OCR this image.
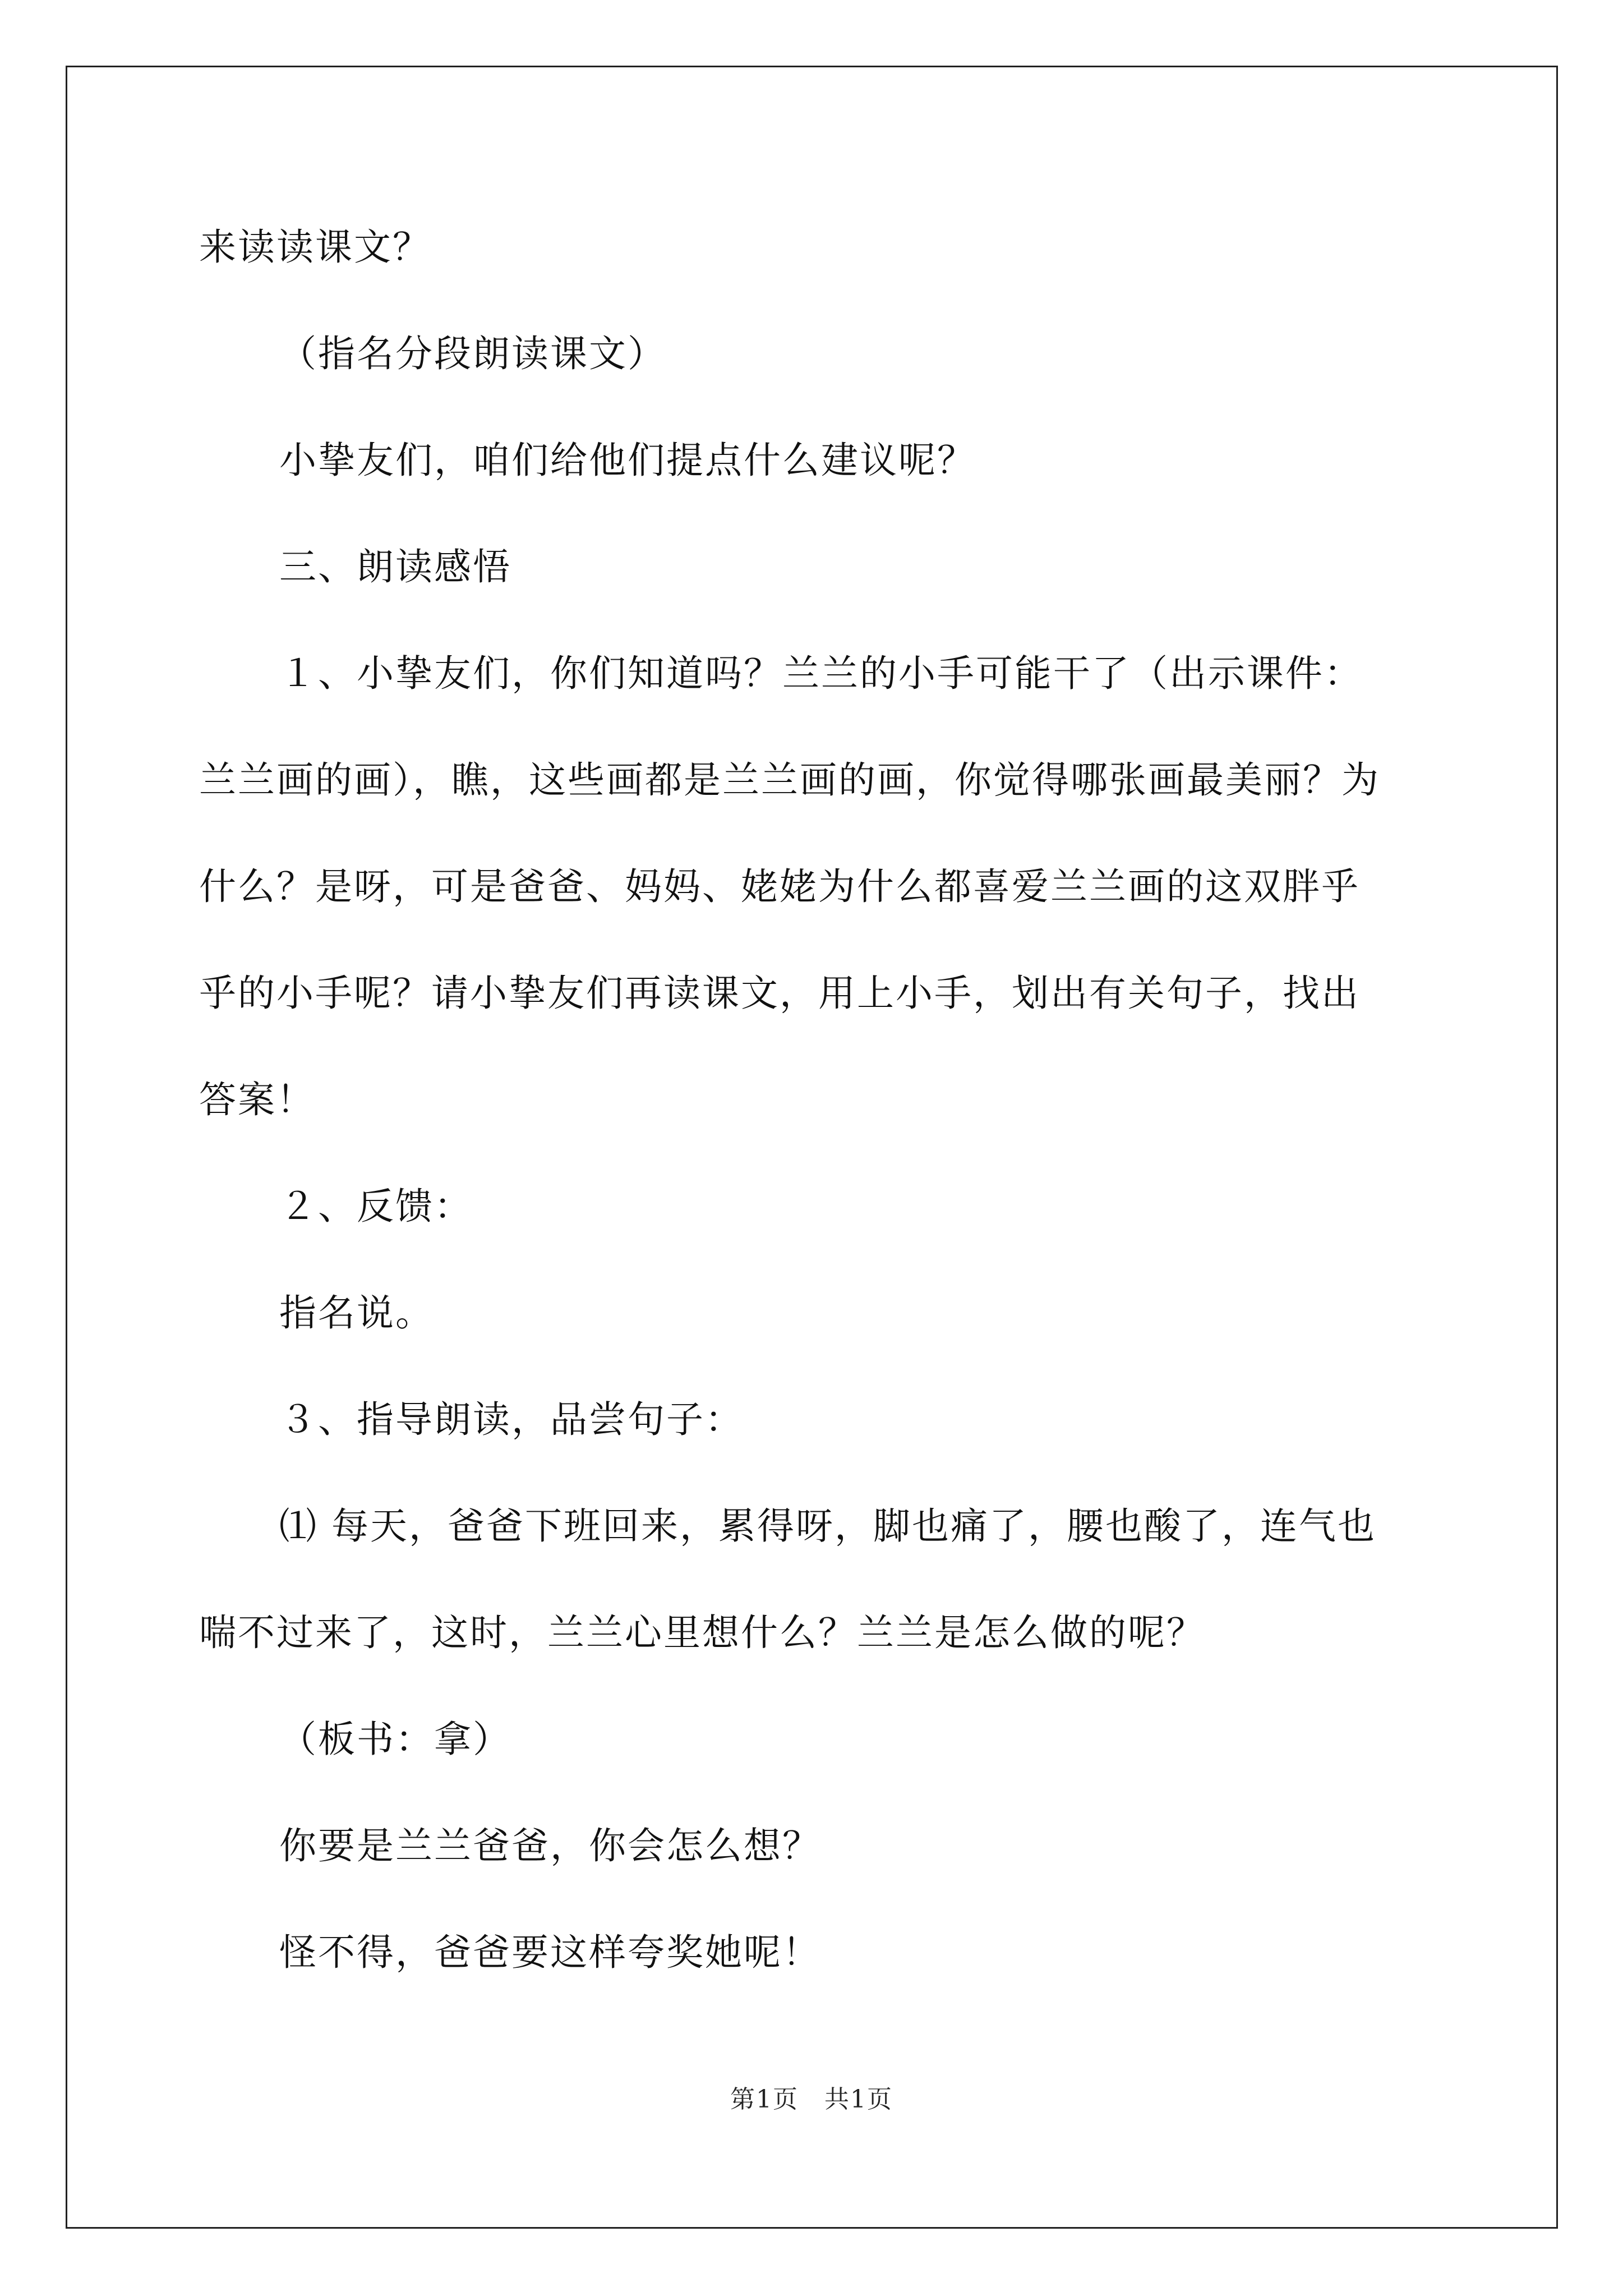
来读读课文？
（指名分段朗读课文）
小挚友们，咱们给他们提点什么建议呢？
三、朗读感悟
１、小挚友们，你们知道吗？兰兰的小手可能干了（出示课件：
兰兰画的画），瞧，这些画都是兰兰画的画，你觉得哪张画最美丽？为
什么？是呀，可是爸爸、妈妈、姥姥为什么都喜爱兰兰画的这双胖乎
乎的小手呢？请小挚友们再读课文，用上小手，划出有关句子，找出
答案！
２、反馈：
指名说。
３、指导朗读，品尝句子：
⑴ 每天，爸爸下班回来，累得呀，脚也痛了，腰也酸了，连气也
喘不过来了，这时，兰兰心里想什么？兰兰是怎么做的呢？
（板书：拿）
你要是兰兰爸爸，你会怎么想？
怪不得，爸爸要这样夸奖她呢！
第1页　共1页
